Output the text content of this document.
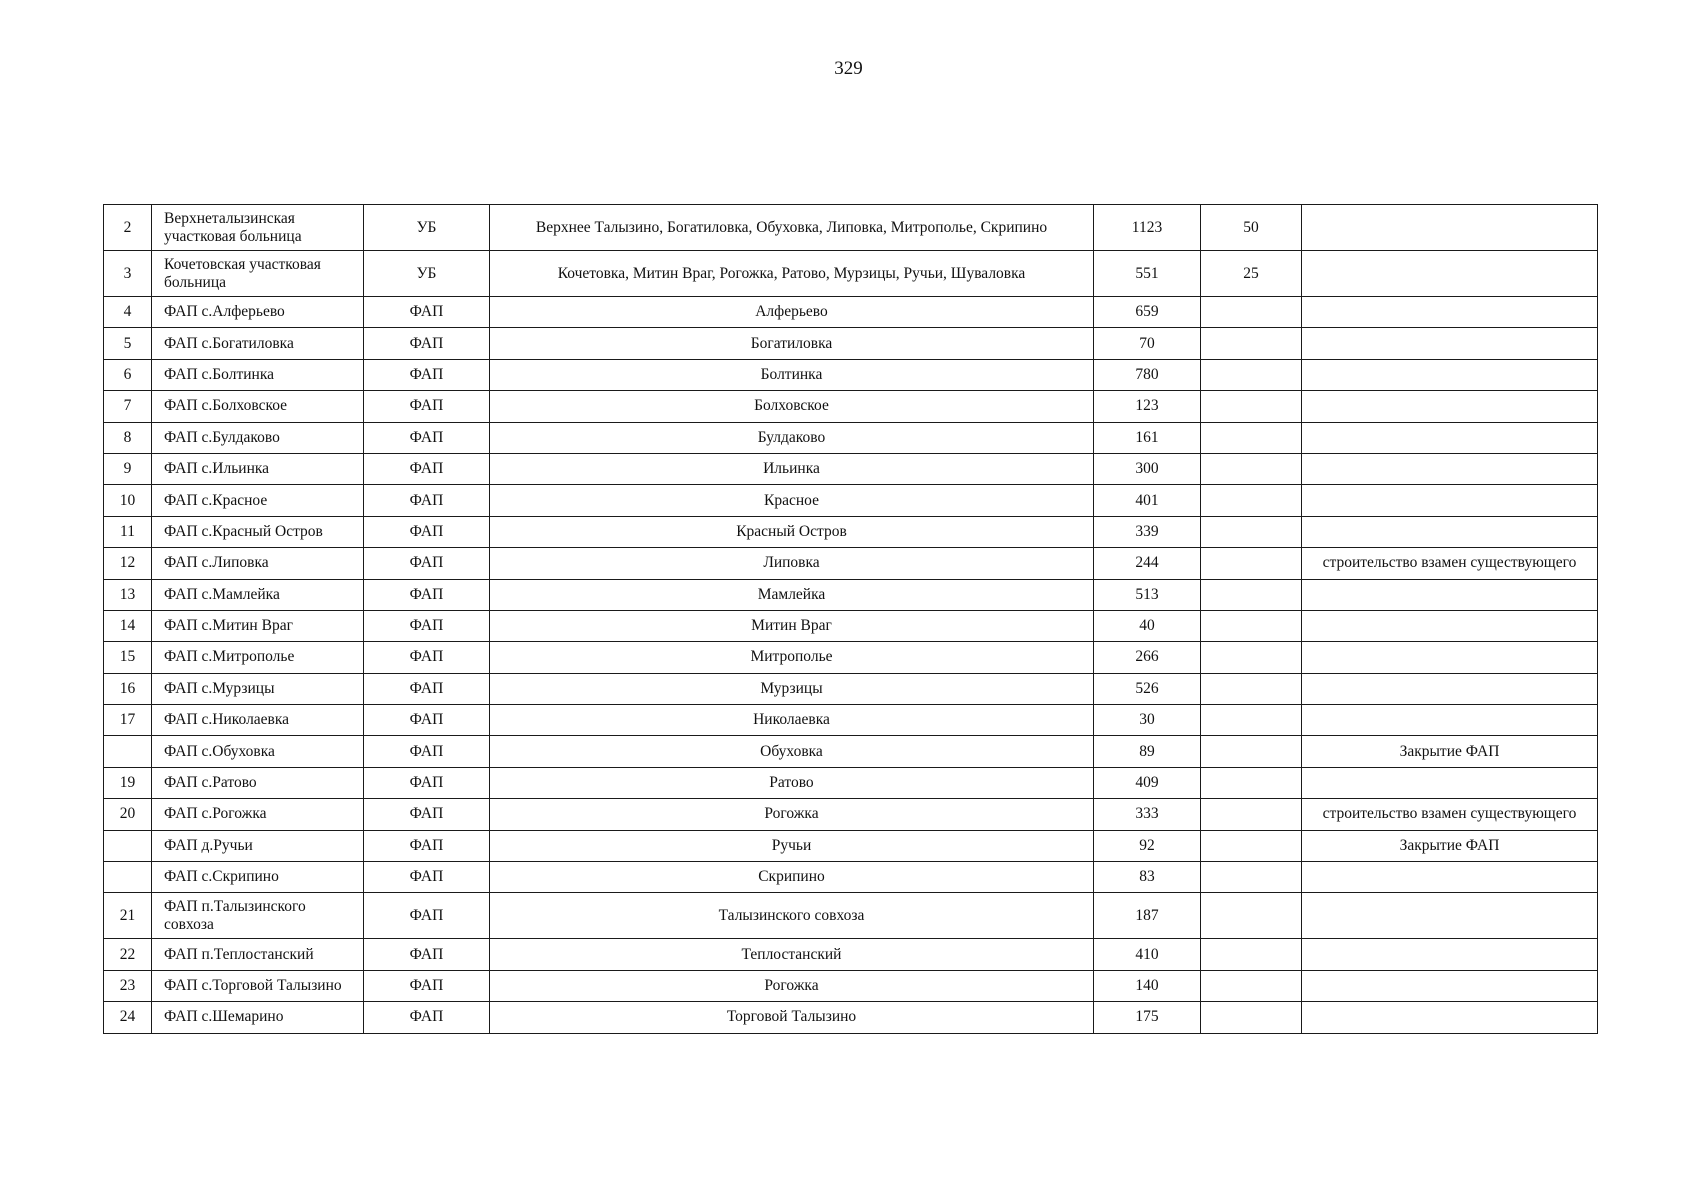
329
2	Верхнеталызинская участковая больница	УБ	Верхнее Талызино, Богатиловка, Обуховка, Липовка, Митрополье, Скрипино	1123	50	
3	Кочетовская участковая больница	УБ	Кочетовка, Митин Враг, Рогожка, Ратово, Мурзицы, Ручьи, Шуваловка	551	25	
4	ФАП с.Алферьево	ФАП	Алферьево	659		
5	ФАП с.Богатиловка	ФАП	Богатиловка	70		
6	ФАП с.Болтинка	ФАП	Болтинка	780		
7	ФАП с.Болховское	ФАП	Болховское	123		
8	ФАП с.Булдаково	ФАП	Булдаково	161		
9	ФАП с.Ильинка	ФАП	Ильинка	300		
10	ФАП с.Красное	ФАП	Красное	401		
11	ФАП с.Красный Остров	ФАП	Красный Остров	339		
12	ФАП с.Липовка	ФАП	Липовка	244		строительство взамен существующего
13	ФАП с.Мамлейка	ФАП	Мамлейка	513		
14	ФАП с.Митин Враг	ФАП	Митин Враг	40		
15	ФАП с.Митрополье	ФАП	Митрополье	266		
16	ФАП с.Мурзицы	ФАП	Мурзицы	526		
17	ФАП с.Николаевка	ФАП	Николаевка	30		
	ФАП с.Обуховка	ФАП	Обуховка	89		Закрытие ФАП
19	ФАП с.Ратово	ФАП	Ратово	409		
20	ФАП с.Рогожка	ФАП	Рогожка	333		строительство взамен существующего
	ФАП д.Ручьи	ФАП	Ручьи	92		Закрытие ФАП
	ФАП с.Скрипино	ФАП	Скрипино	83		
21	ФАП п.Талызинского совхоза	ФАП	Талызинского совхоза	187		
22	ФАП п.Теплостанский	ФАП	Теплостанский	410		
23	ФАП с.Торговой Талызино	ФАП	Рогожка	140		
24	ФАП с.Шемарино	ФАП	Торговой Талызино	175		
